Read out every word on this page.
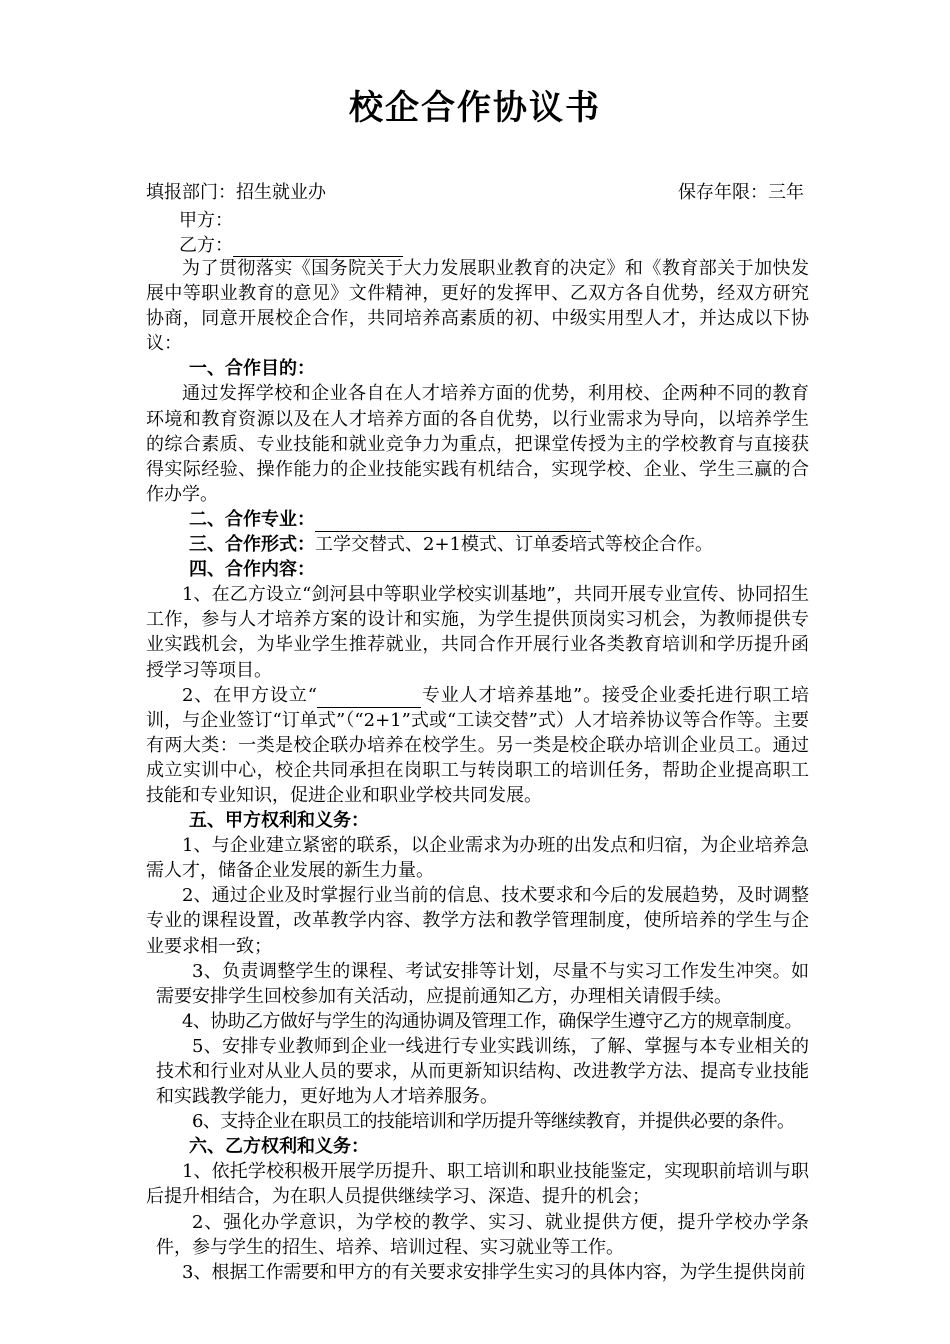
校企合作协议书
填报部门：招生就业办	保存年限：三年
甲方：
乙方：

为了贯彻落实《国务院关于大力发展职业教育的决定》和《教育部关于加快发展中等职业教育的意见》文件精神，更好的发挥甲、乙双方各自优势，经双方研究协商，同意开展校企合作，共同培养高素质的初、中级实用型人才，并达成以下协议：

一、合作目的：

通过发挥学校和企业各自在人才培养方面的优势，利用校、企两种不同的教育环境和教育资源以及在人才培养方面的各自优势，以行业需求为导向，以培养学生的综合素质、专业技能和就业竞争力为重点，把课堂传授为主的学校教育与直接获得实际经验、操作能力的企业技能实践有机结合，实现学校、企业、学生三赢的合作办学。

二、合作专业：

三、合作形式：工学交替式、2+1模式、订单委培式等校企合作。

四、合作内容：

1、在乙方设立“剑河县中等职业学校实训基地”，共同开展专业宣传、协同招生工作，参与人才培养方案的设计和实施，为学生提供顶岗实习机会，为教师提供专业实践机会，为毕业学生推荐就业，共同合作开展行业各类教育培训和学历提升函授学习等项目。

2、在甲方设立“	专业人才培养基地”。接受企业委托进行职工培训，与企业签订“订单式”（“2+1”式或“工读交替”式）人才培养协议等合作等。主要有两大类：一类是校企联办培养在校学生。另一类是校企联办培训企业员工。通过成立实训中心，校企共同承担在岗职工与转岗职工的培训任务，帮助企业提高职工技能和专业知识，促进企业和职业学校共同发展。

五、甲方权利和义务：

1、与企业建立紧密的联系，以企业需求为办班的出发点和归宿，为企业培养急需人才，储备企业发展的新生力量。

2、通过企业及时掌握行业当前的信息、技术要求和今后的发展趋势，及时调整专业的课程设置，改革教学内容、教学方法和教学管理制度，使所培养的学生与企业要求相一致；

3、负责调整学生的课程、考试安排等计划，尽量不与实习工作发生冲突。如需要安排学生回校参加有关活动，应提前通知乙方，办理相关请假手续。

4、协助乙方做好与学生的沟通协调及管理工作，确保学生遵守乙方的规章制度。

5、安排专业教师到企业一线进行专业实践训练，了解、掌握与本专业相关的技术和行业对从业人员的要求，从而更新知识结构、改进教学方法、提高专业技能和实践教学能力，更好地为人才培养服务。

6、支持企业在职员工的技能培训和学历提升等继续教育，并提供必要的条件。

六、乙方权利和义务：

1、依托学校积极开展学历提升、职工培训和职业技能鉴定，实现职前培训与职后提升相结合，为在职人员提供继续学习、深造、提升的机会；

2、强化办学意识，为学校的教学、实习、就业提供方便，提升学校办学条件，参与学生的招生、培养、培训过程、实习就业等工作。

3、根据工作需要和甲方的有关要求安排学生实习的具体内容，为学生提供岗前
